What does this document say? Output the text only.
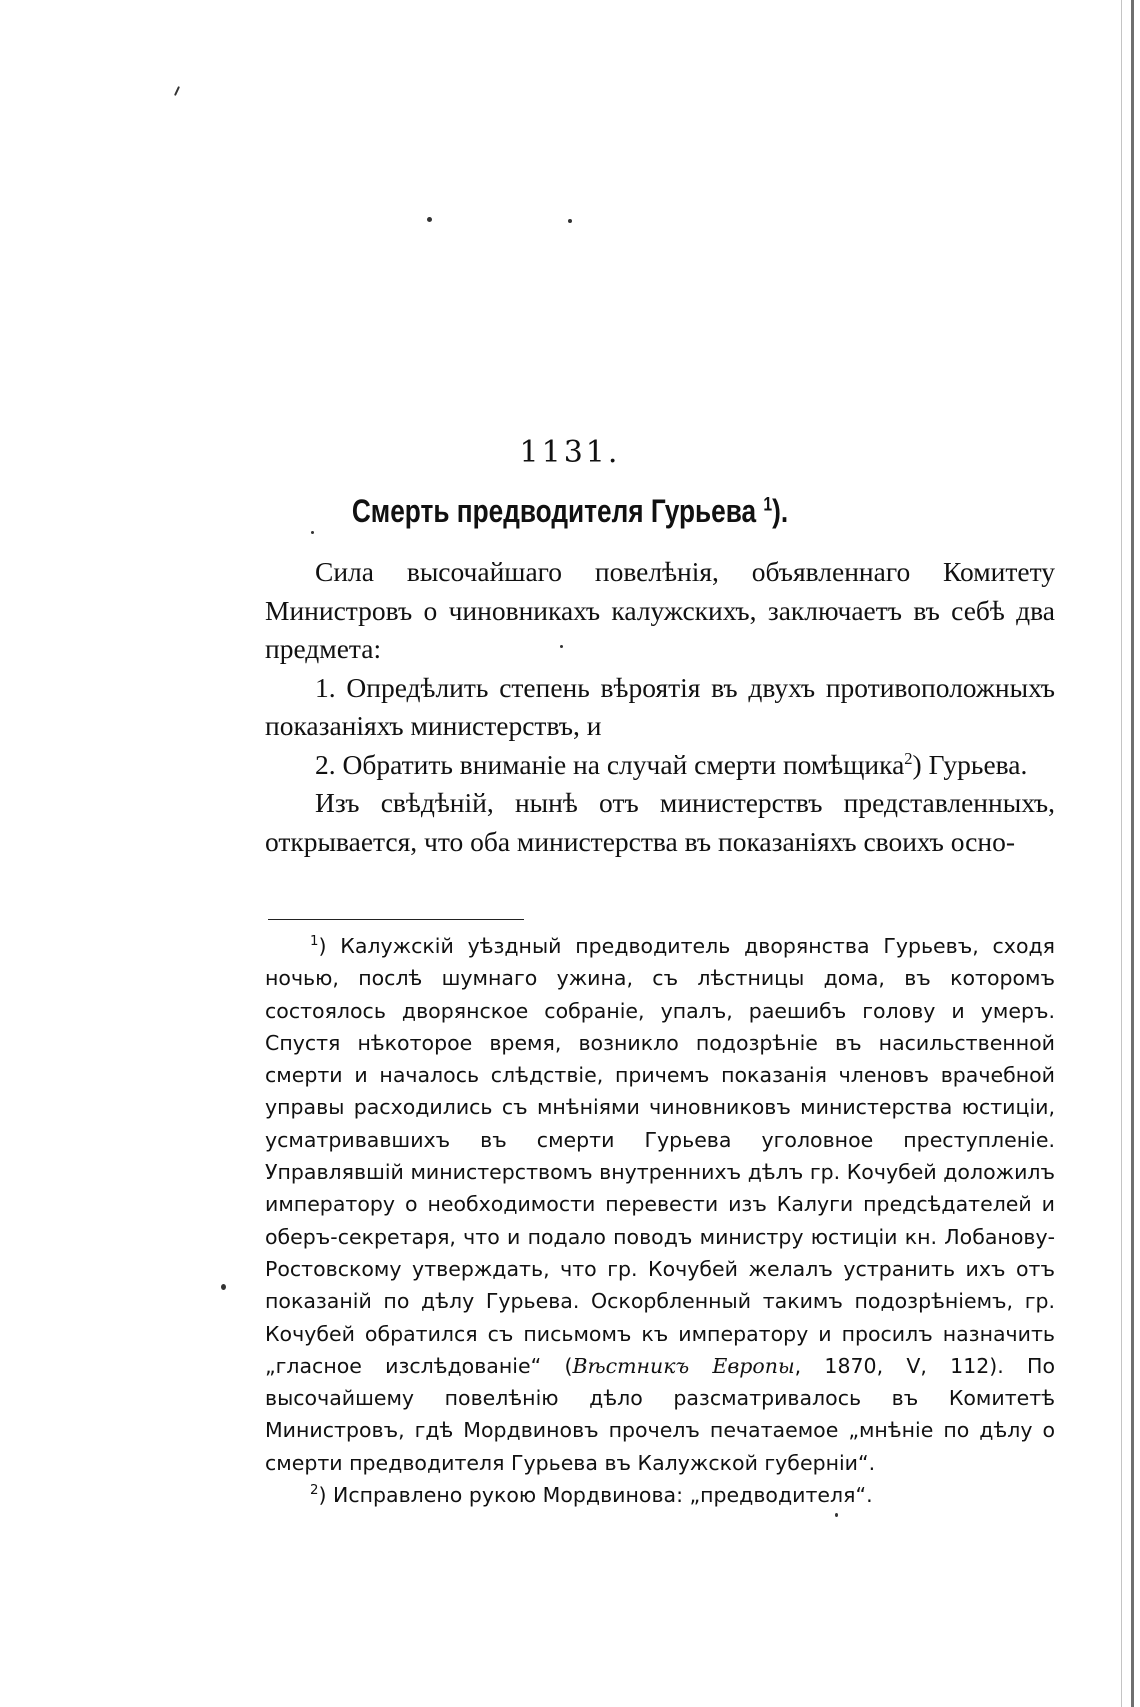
1131.
Смерть предводителя Гурьева $^1$).

Сила высочайшаго повелѣнія, объявленнаго Комитету Министровъ о чиновникахъ калужскихъ, заключаетъ въ себѣ два предмета:

1. Опредѣлить степень вѣроятія въ двухъ противоположныхъ показаніяхъ министерствъ, и

2. Обратить вниманіе на случай смерти помѣщика$^2$) Гурьева.

Изъ свѣдѣній, нынѣ отъ министерствъ представленныхъ, открывается, что оба министерства въ показаніяхъ своихъ осно-

$^1$) Калужскій уѣздный предводитель дворянства Гурьевъ, сходя ночью, послѣ шумнаго ужина, съ лѣстницы дома, въ которомъ состоялось дворянское собраніе, упалъ, раешибъ голову и умеръ. Спустя нѣкоторое время, возникло подозрѣніе въ насильственной смерти и началось слѣдствіе, причемъ показанія членовъ врачебной управы расходились съ мнѣніями чиновниковъ министерства юстиціи, усматривавшихъ въ смерти Гурьева уголовное преступленіе. Управлявшій министерствомъ внутреннихъ дѣлъ гр. Кочубей доложилъ императору о необходимости перевести изъ Калуги предсѣдателей и оберъ-секретаря, что и подало поводъ министру юстиціи кн. Лобанову-Ростовскому утверждать, что гр. Кочубей желалъ устранить ихъ отъ показаній по дѣлу Гурьева. Оскорбленный такимъ подозрѣніемъ, гр. Кочубей обратился съ письмомъ къ императору и просилъ назначить „гласное изслѣдованіе“ (Вѣстникъ Европы, 1870, V, 112). По высочайшему повелѣнію дѣло разсматривалось въ Комитетѣ Министровъ, гдѣ Мордвиновъ прочелъ печатаемое „мнѣніе по дѣлу о смерти предводителя Гурьева въ Калужской губерніи“.

$^2$) Исправлено рукою Мордвинова: „предводителя“.
